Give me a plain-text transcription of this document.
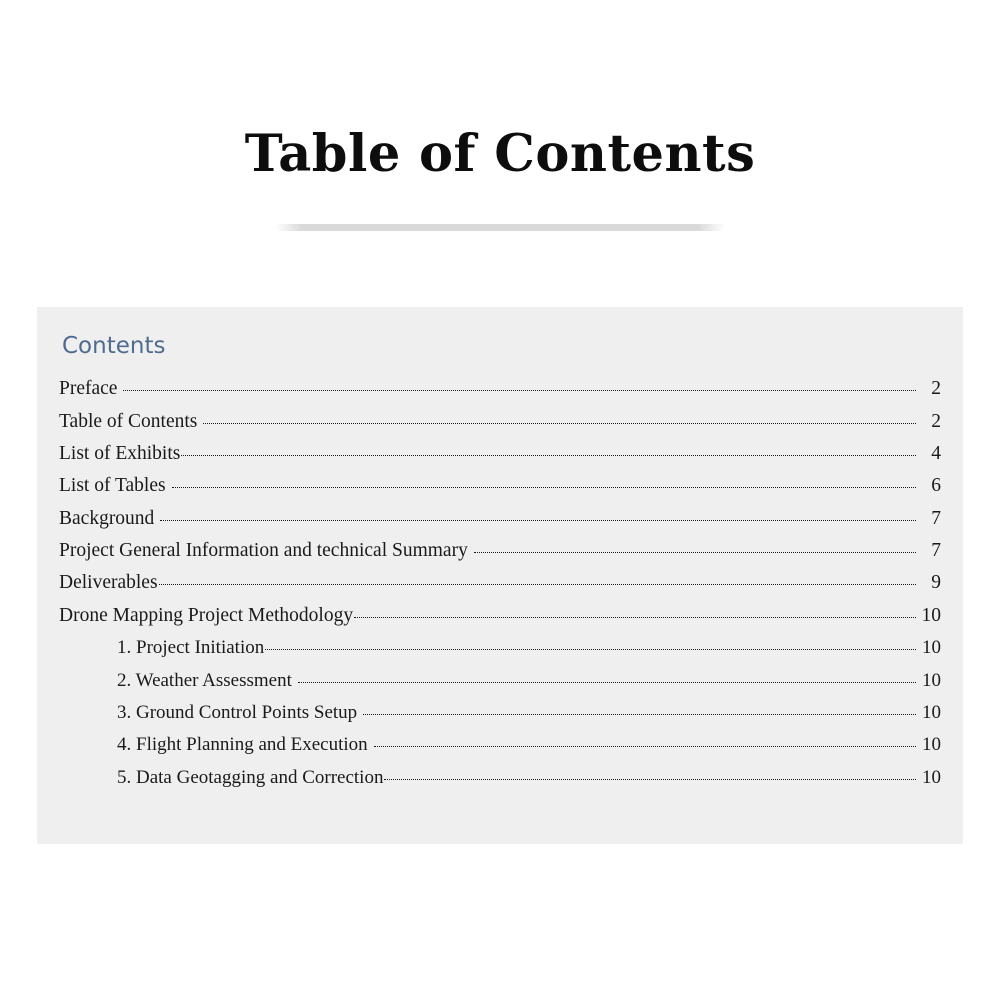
Table of Contents
Contents
Preface	2
Table of Contents	2
List of Exhibits	4
List of Tables	6
Background	7
Project General Information and technical Summary	7
Deliverables	9
Drone Mapping Project Methodology	10
1. Project Initiation	10
2. Weather Assessment	10
3. Ground Control Points Setup	10
4. Flight Planning and Execution	10
5. Data Geotagging and Correction	10
